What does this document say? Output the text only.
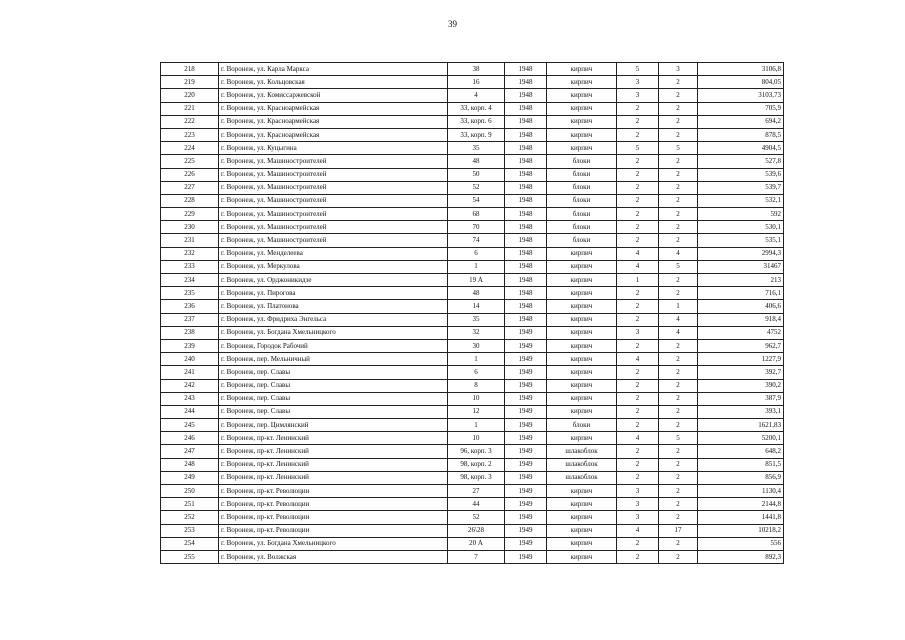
39
218	г. Воронеж, ул. Карла Маркса	38	1948	кирпич	5	3	3106,8
219	г. Воронеж, ул. Кольцовская	16	1948	кирпич	3	2	804,05
220	г. Воронеж, ул. Комиссаржевской	4	1948	кирпич	3	2	3103,73
221	г. Воронеж, ул. Красноармейская	33, корп. 4	1948	кирпич	2	2	705,9
222	г. Воронеж, ул. Красноармейская	33, корп. 6	1948	кирпич	2	2	694,2
223	г. Воронеж, ул. Красноармейская	33, корп. 9	1948	кирпич	2	2	878,5
224	г. Воронеж, ул. Куцыгина	35	1948	кирпич	5	5	4904,5
225	г. Воронеж, ул. Машиностроителей	48	1948	блоки	2	2	527,8
226	г. Воронеж, ул. Машиностроителей	50	1948	блоки	2	2	539,6
227	г. Воронеж, ул. Машиностроителей	52	1948	блоки	2	2	539,7
228	г. Воронеж, ул. Машиностроителей	54	1948	блоки	2	2	532,1
229	г. Воронеж, ул. Машиностроителей	68	1948	блоки	2	2	592
230	г. Воронеж, ул. Машиностроителей	70	1948	блоки	2	2	530,1
231	г. Воронеж, ул. Машиностроителей	74	1948	блоки	2	2	535,1
232	г. Воронеж, ул. Менделеева	6	1948	кирпич	4	4	2994,3
233	г. Воронеж, ул. Меркулова	1	1948	кирпич	4	5	31467
234	г. Воронеж, ул. Орджоникидзе	19 А	1948	кирпич	1	2	213
235	г. Воронеж, ул. Пирогова	48	1948	кирпич	2	2	716,1
236	г. Воронеж, ул. Платонова	14	1948	кирпич	2	1	406,6
237	г. Воронеж, ул. Фридриха Энгельса	35	1948	кирпич	2	4	918,4
238	г. Воронеж, ул. Богдана Хмельницкого	32	1949	кирпич	3	4	4752
239	г. Воронеж, Городок Рабочий	30	1949	кирпич	2	2	962,7
240	г. Воронеж, пер. Мельничный	1	1949	кирпич	4	2	1227,9
241	г. Воронеж, пер. Славы	6	1949	кирпич	2	2	392,7
242	г. Воронеж, пер. Славы	8	1949	кирпич	2	2	390,2
243	г. Воронеж, пер. Славы	10	1949	кирпич	2	2	387,9
244	г. Воронеж, пер. Славы	12	1949	кирпич	2	2	393,1
245	г. Воронеж, пер. Цимлянский	1	1949	блоки	2	2	1621,83
246	г. Воронеж, пр-кт. Ленинский	10	1949	кирпич	4	5	5200,1
247	г. Воронеж, пр-кт. Ленинский	96, корп. 3	1949	шлакоблок	2	2	648,2
248	г. Воронеж, пр-кт. Ленинский	98, корп. 2	1949	шлакоблок	2	2	851,5
249	г. Воронеж, пр-кт. Ленинский	98, корп. 3	1949	шлакоблок	2	2	856,9
250	г. Воронеж, пр-кт. Революции	27	1949	кирпич	3	2	1130,4
251	г. Воронеж, пр-кт. Революции	44	1949	кирпич	3	2	2144,8
252	г. Воронеж, пр-кт. Революции	52	1949	кирпич	3	2	1441,8
253	г. Воронеж, пр-кт. Революции	26\28	1949	кирпич	4	17	10218,2
254	г. Воронеж, ул. Богдана Хмельницкого	20 А	1949	кирпич	2	2	556
255	г. Воронеж, ул. Волжская	7	1949	кирпич	2	2	892,3
